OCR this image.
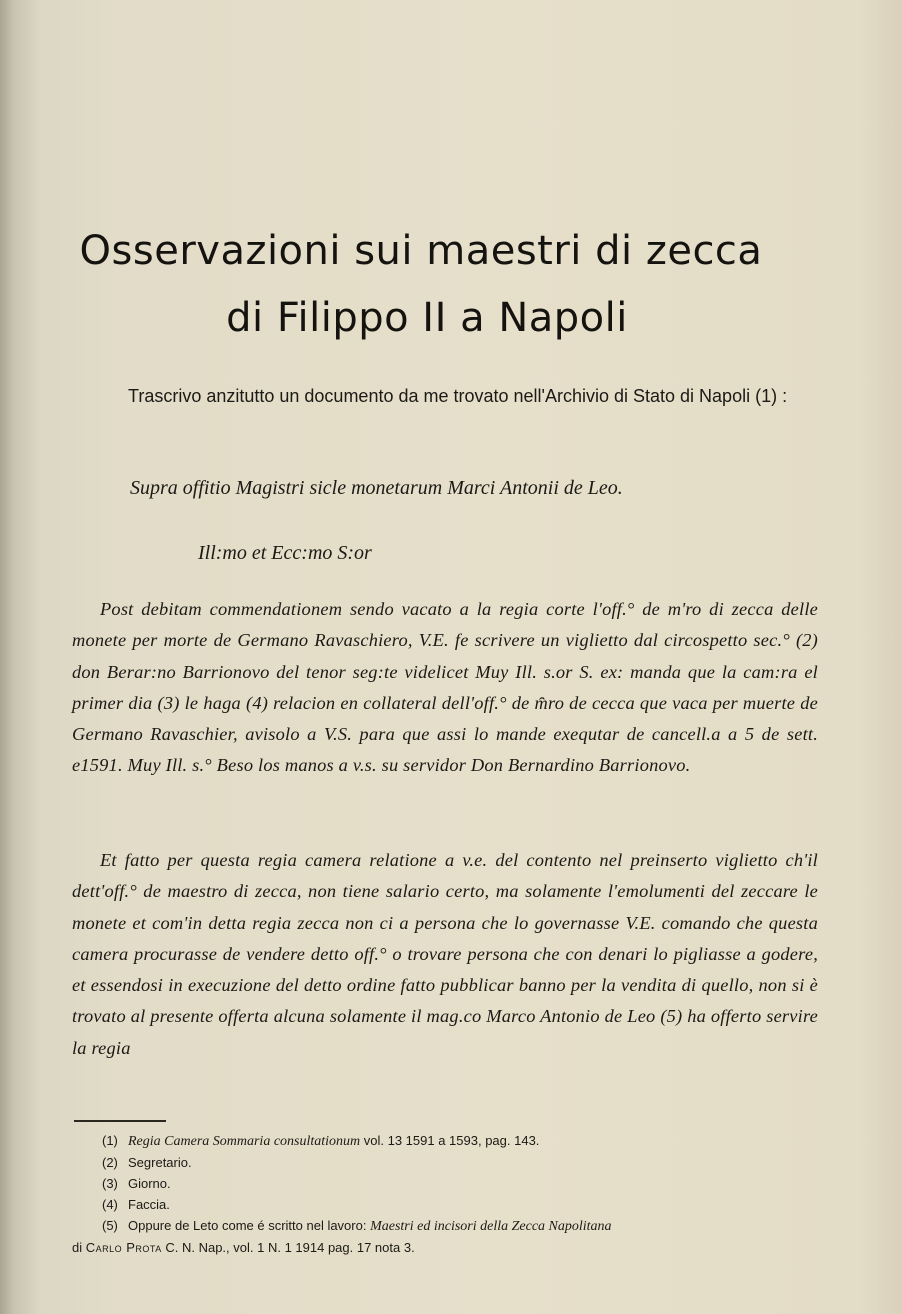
Osservazioni sui maestri di zecca
di Filippo II a Napoli

Trascrivo anzitutto un documento da me trovato nell'Archivio di Stato di Napoli (1) :

Supra offitio Magistri sicle monetarum Marci Antonii de Leo.

Ill:mo et Ecc:mo S:or

Post debitam commendationem sendo vacato a la regia corte l'off.° de m'ro di zecca delle monete per morte de Germano Ravaschiero, V.E. fe scrivere un viglietto dal circospetto sec.° (2) don Berar:no Barrionovo del tenor seg:te videlicet Muy Ill. s.or S. ex: manda que la cam:ra el primer dia (3) le haga (4) relacion en collateral dell'off.° de m̑ro de cecca que vaca per muerte de Germano Ravaschier, avisolo a V.S. para que assi lo mande exequtar de cancell.a a 5 de sett. e1591. Muy Ill. s.° Beso los manos a v.s. su servidor Don Bernardino Barrionovo.

Et fatto per questa regia camera relatione a v.e. del contento nel preinserto viglietto ch'il dett'off.° de maestro di zecca, non tiene salario certo, ma solamente l'emolumenti del zeccare le monete et com'in detta regia zecca non ci a persona che lo governasse V.E. comando che questa camera procurasse de vendere detto off.° o trovare persona che con denari lo pigliasse a godere, et essendosi in execuzione del detto ordine fatto pubblicar banno per la vendita di quello, non si è trovato al presente offerta alcuna solamente il mag.co Marco Antonio de Leo (5) ha offerto servire la regia

(1) Regia Camera Sommaria consultationum vol. 13 1591 a 1593, pag. 143.
(2) Segretario.
(3) Giorno.
(4) Faccia.
(5) Oppure de Leto come é scritto nel lavoro: Maestri ed incisori della Zecca Napolitana
di Carlo Prota C. N. Nap., vol. 1 N. 1 1914 pag. 17 nota 3.
